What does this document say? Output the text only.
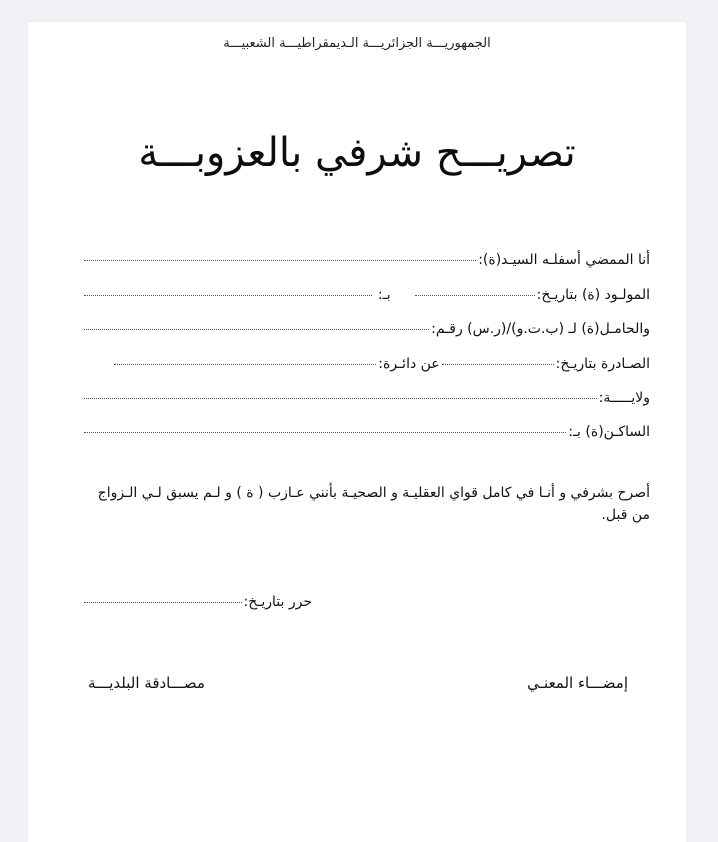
الجمهوريـــة الجزائريـــة الـديمقراطيـــة الشعبيـــة
تصريـــح شرفي بالعزوبـــة
أنا الممضي أسفلـه السيـد(ة):
المولـود (ة) بتاريـخ:
بـ:
والحامـل(ة) لـ (ب.ت.و)/(ر.س) رقـم:
الصـادرة بتاريـخ:
عن دائـرة:
ولايـــــة:
الساكـن(ة) بـ:
أصرح بشرفي و أنـا في كامل قواي العقليـة و الصحيـة بأنني عـازب ( ة ) و لـم يسبق لـي الـزواج من قبل.
حرر بتاريـخ:
إمضـــاء المعنـي
مصـــادقة البلديـــة
